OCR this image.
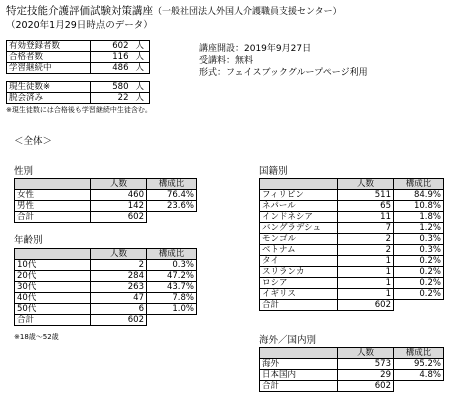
特定技能介護評価試験対策講座（一般社団法人外国人介護職員支援センター）
（2020年1月29日時点のデータ）
有効登録者数	602	人
合格者数	116	人
学習継続中	486	人
現生徒数※	580	人
脱会済み	22	人
※現生徒数には合格後も学習継続中生徒含む。
講座開設：2019年9月27日
受講料：無料
形式：フェイスブックグループページ利用
＜全体＞
性別
	人数	構成比
女性	460	76.4%
男性	142	23.6%
合計	602	
年齢別
	人数	構成比
10代	2	0.3%
20代	284	47.2%
30代	263	43.7%
40代	47	7.8%
50代	6	1.0%
合計	602	
※18歳～52歳
国籍別
	人数	構成比
フィリピン	511	84.9%
ネパール	65	10.8%
インドネシア	11	1.8%
バングラデシュ	7	1.2%
モンゴル	2	0.3%
ベトナム	2	0.3%
タイ	1	0.2%
スリランカ	1	0.2%
ロシア	1	0.2%
イギリス	1	0.2%
合計	602	
海外／国内別
	人数	構成比
海外	573	95.2%
日本国内	29	4.8%
合計	602	
